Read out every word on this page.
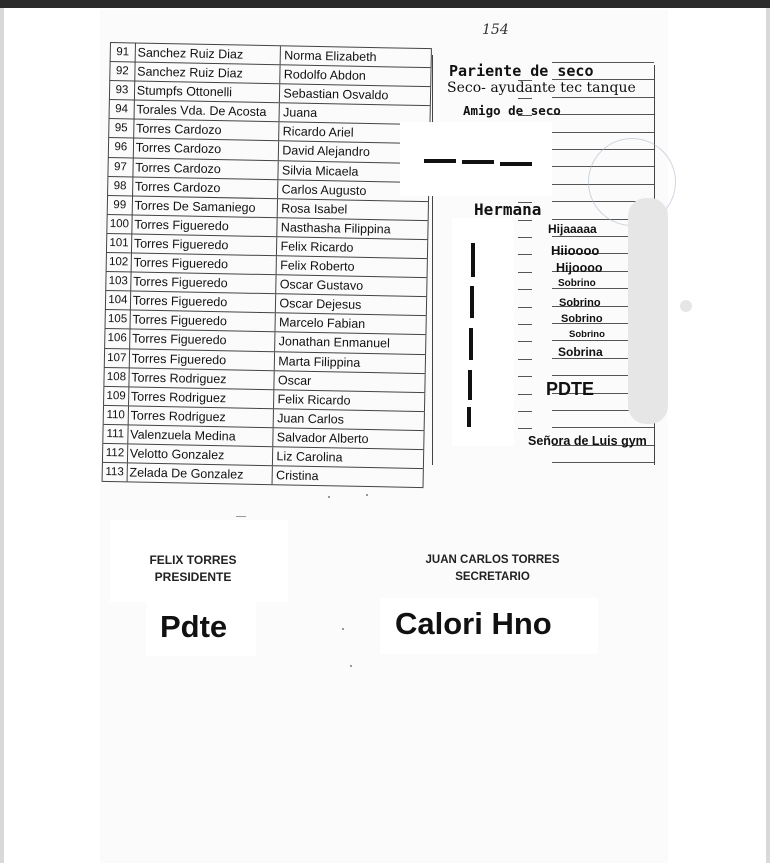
154
91 Sanchez Ruiz Diaz	Norma Elizabeth
92 Sanchez Ruiz Diaz	Rodolfo Abdon
93 Stumpfs Ottonelli	Sebastian Osvaldo
94 Torales Vda. De Acosta	Juana
95 Torres Cardozo	Ricardo Ariel
96 Torres Cardozo	David Alejandro
97 Torres Cardozo	Silvia Micaela
98 Torres Cardozo	Carlos Augusto
99 Torres De Samaniego	Rosa Isabel
100 Torres Figueredo	Nasthasha Filippina
101 Torres Figueredo	Felix Ricardo
102 Torres Figueredo	Felix Roberto
103 Torres Figueredo	Oscar Gustavo
104 Torres Figueredo	Oscar Dejesus
105 Torres Figueredo	Marcelo Fabian
106 Torres Figueredo	Jonathan Enmanuel
107 Torres Figueredo	Marta Filippina
108 Torres Rodriguez	Oscar
109 Torres Rodriguez	Felix Ricardo
110 Torres Rodriguez	Juan Carlos
111 Valenzuela Medina	Salvador Alberto
112 Velotto Gonzalez	Liz Carolina
113 Zelada De Gonzalez	Cristina
Pariente de seco
Seco- ayudante tec tanque
Amigo de seco
Hermana
Hijaaaaa
Hiioooo
Hijoooo
Sobrino
Sobrino
Sobrino
Sobrino
Sobrina
PDTE
Señora de Luis gym
FELIX TORRES
PRESIDENTE
JUAN CARLOS TORRES
SECRETARIO
Pdte	Calori Hno
